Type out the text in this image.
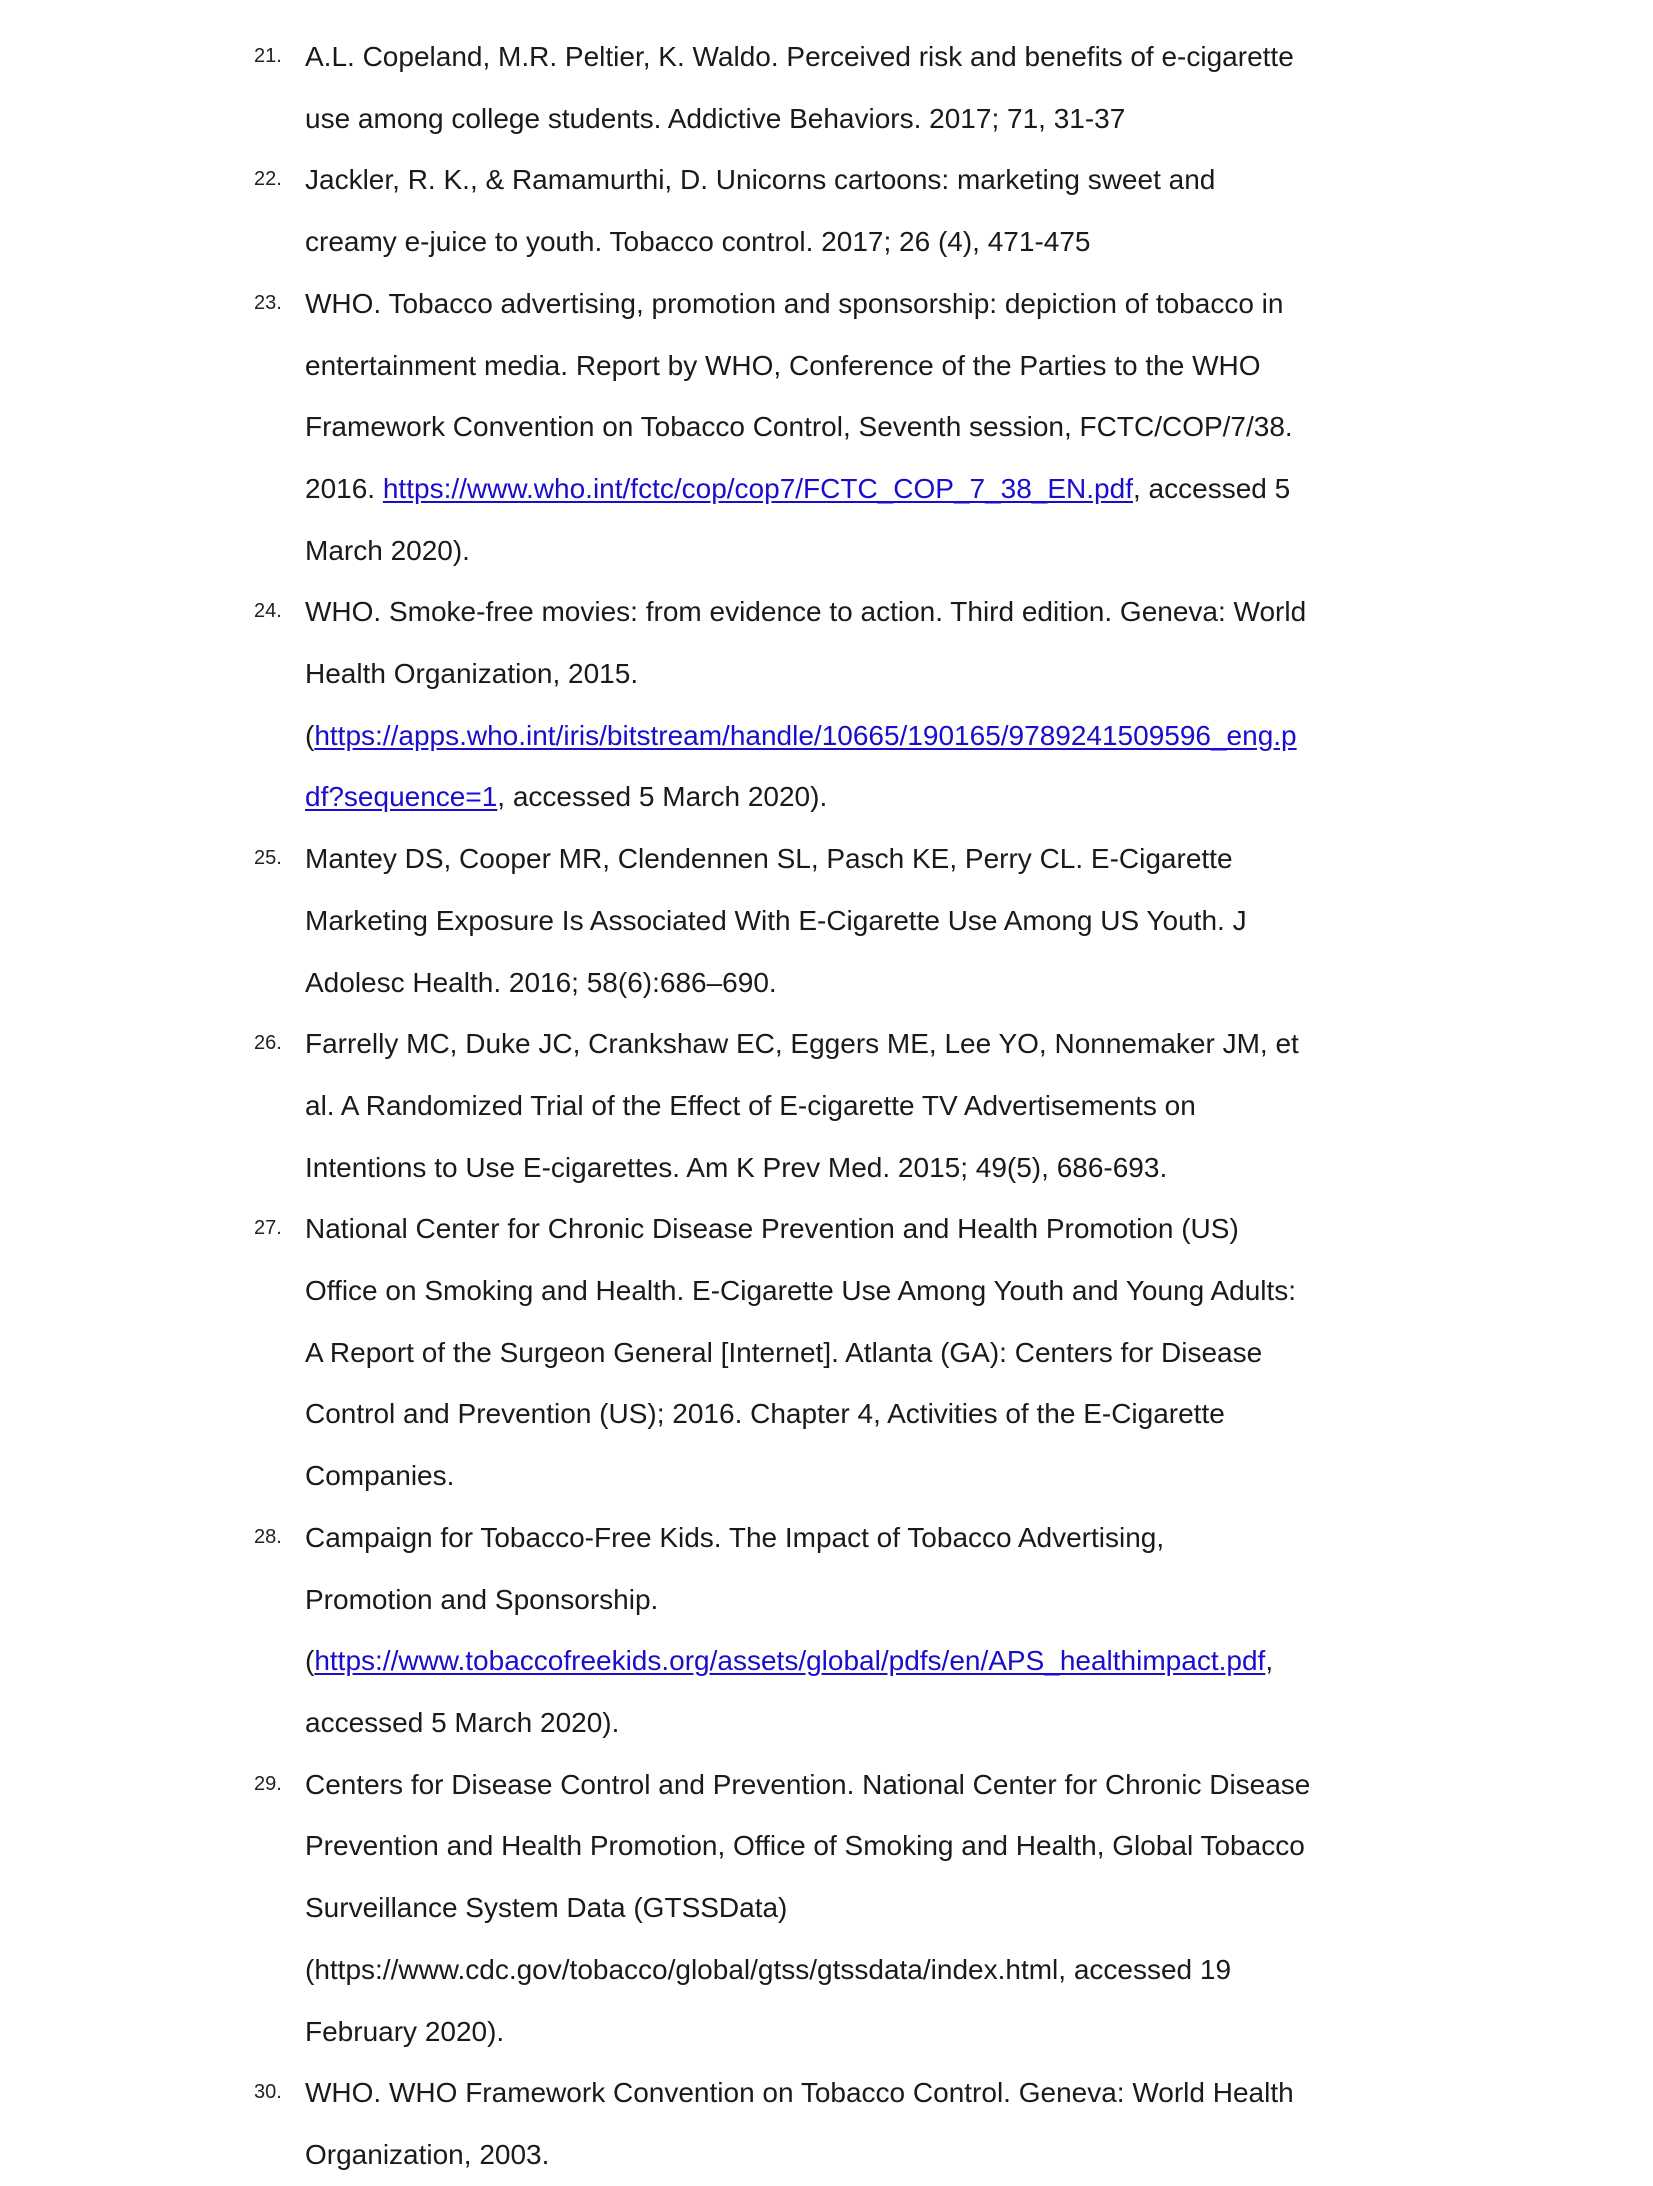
21. A.L. Copeland, M.R. Peltier, K. Waldo. Perceived risk and benefits of e-cigarette
use among college students. Addictive Behaviors. 2017; 71, 31-37
22. Jackler, R. K., & Ramamurthi, D. Unicorns cartoons: marketing sweet and
creamy e-juice to youth. Tobacco control. 2017; 26 (4), 471-475
23. WHO. Tobacco advertising, promotion and sponsorship: depiction of tobacco in
entertainment media. Report by WHO, Conference of the Parties to the WHO
Framework Convention on Tobacco Control, Seventh session, FCTC/COP/7/38.
2016. https://www.who.int/fctc/cop/cop7/FCTC_COP_7_38_EN.pdf, accessed 5
March 2020).
24. WHO. Smoke-free movies: from evidence to action. Third edition. Geneva: World
Health Organization, 2015.
(https://apps.who.int/iris/bitstream/handle/10665/190165/9789241509596_eng.p
df?sequence=1, accessed 5 March 2020).
25. Mantey DS, Cooper MR, Clendennen SL, Pasch KE, Perry CL. E-Cigarette
Marketing Exposure Is Associated With E-Cigarette Use Among US Youth. J
Adolesc Health. 2016; 58(6):686–690.
26. Farrelly MC, Duke JC, Crankshaw EC, Eggers ME, Lee YO, Nonnemaker JM, et
al. A Randomized Trial of the Effect of E-cigarette TV Advertisements on
Intentions to Use E-cigarettes. Am K Prev Med. 2015; 49(5), 686-693.
27. National Center for Chronic Disease Prevention and Health Promotion (US)
Office on Smoking and Health. E-Cigarette Use Among Youth and Young Adults:
A Report of the Surgeon General [Internet]. Atlanta (GA): Centers for Disease
Control and Prevention (US); 2016. Chapter 4, Activities of the E-Cigarette
Companies.
28. Campaign for Tobacco-Free Kids. The Impact of Tobacco Advertising,
Promotion and Sponsorship.
(https://www.tobaccofreekids.org/assets/global/pdfs/en/APS_healthimpact.pdf,
accessed 5 March 2020).
29. Centers for Disease Control and Prevention. National Center for Chronic Disease
Prevention and Health Promotion, Office of Smoking and Health, Global Tobacco
Surveillance System Data (GTSSData)
(https://www.cdc.gov/tobacco/global/gtss/gtssdata/index.html, accessed 19
February 2020).
30. WHO. WHO Framework Convention on Tobacco Control. Geneva: World Health
Organization, 2003.
